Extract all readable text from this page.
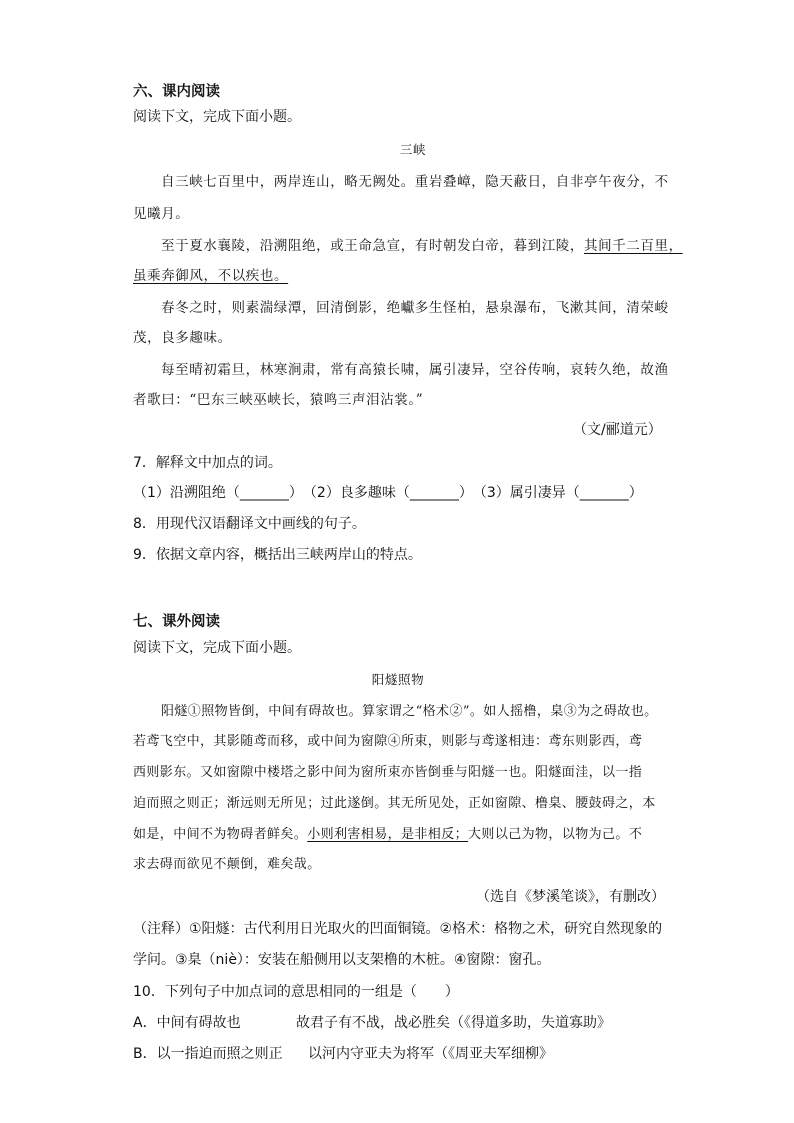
六、课内阅读
阅读下文，完成下面小题。
三峡
自三峡七百里中，两岸连山，略无阙处。重岩叠嶂，隐天蔽日，自非亭午夜分，不
见曦月。
至于夏水襄陵，沿溯阻绝，或王命急宣，有时朝发白帝，暮到江陵，其间千二百里，
虽乘奔御风，不以疾也。
春冬之时，则素湍绿潭，回清倒影，绝巘多生怪柏，悬泉瀑布，飞漱其间，清荣峻
茂，良多趣味。
每至晴初霜旦，林寒涧肃，常有高猿长啸，属引凄异，空谷传响，哀转久绝，故渔
者歌曰：“巴东三峡巫峡长，猿鸣三声泪沾裳。”
（文/郦道元）
7．解释文中加点的词。
（1）沿溯阻绝（_______）　（2）良多趣味（_______）　（3）属引凄异（_______）
8．用现代汉语翻译文中画线的句子。
9．依据文章内容，概括出三峡两岸山的特点。
七、课外阅读
阅读下文，完成下面小题。
阳燧照物
阳燧①照物皆倒，中间有碍故也。算家谓之“格术②”。如人摇橹，臬③为之碍故也。
若鸢飞空中，其影随鸢而移，或中间为窗隙④所束，则影与鸢遂相违：鸢东则影西，鸢
西则影东。又如窗隙中楼塔之影中间为窗所束亦皆倒垂与阳燧一也。阳燧面洼，以一指
迫而照之则正；渐远则无所见；过此遂倒。其无所见处，正如窗隙、橹臬、腰鼓碍之，本
如是，中间不为物碍者鲜矣。小则利害相易，是非相反；大则以己为物，以物为己。不
求去碍而欲见不颠倒，难矣哉。
（选自《梦溪笔谈》，有删改）
（注释）①阳燧：古代利用日光取火的凹面铜镜。②格术：格物之术，研究自然现象的
学问。③臬（niè）：安装在船侧用以支架橹的木桩。④窗隙：窗孔。
10．下列句子中加点词的意思相同的一组是（　　）
A．中间有碍故也	故君子有不战，战必胜矣（《得道多助，失道寡助》
B．以一指迫而照之则正 以河内守亚夫为将军（《周亚夫军细柳》
